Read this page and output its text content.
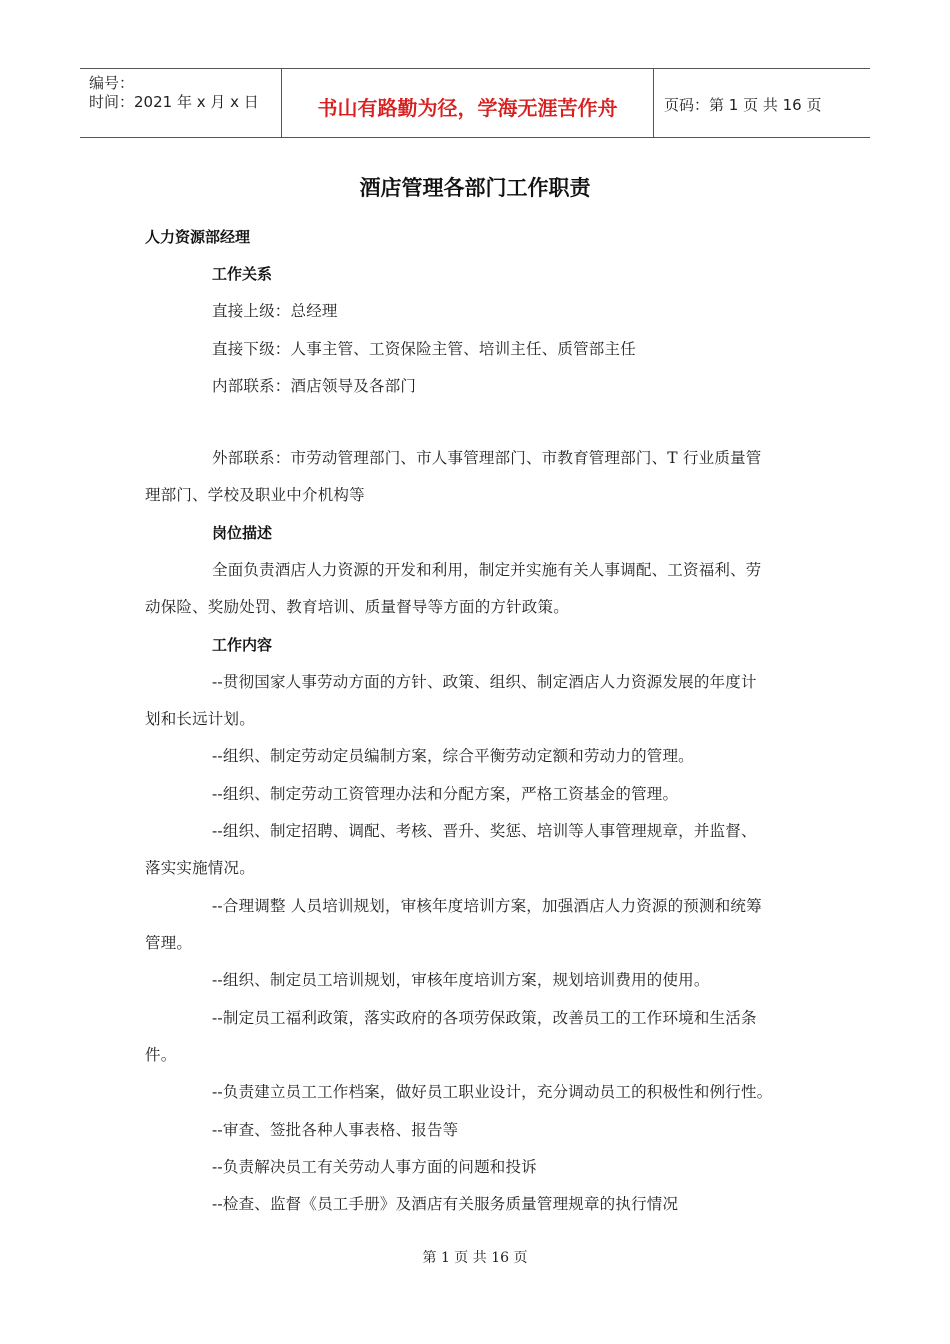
编号：
时间：2021 年 x 月 x 日	书山有路勤为径，学海无涯苦作舟	页码：第 1 页 共 16 页
酒店管理各部门工作职责
人力资源部经理
工作关系
直接上级：总经理
直接下级：人事主管、工资保险主管、培训主任、质管部主任
内部联系：酒店领导及各部门
外部联系：市劳动管理部门、市人事管理部门、市教育管理部门、T 行业质量管
理部门、学校及职业中介机构等
岗位描述
全面负责酒店人力资源的开发和利用，制定并实施有关人事调配、工资福利、劳
动保险、奖励处罚、教育培训、质量督导等方面的方针政策。
工作内容
--贯彻国家人事劳动方面的方针、政策、组织、制定酒店人力资源发展的年度计
划和长远计划。
--组织、制定劳动定员编制方案，综合平衡劳动定额和劳动力的管理。
--组织、制定劳动工资管理办法和分配方案，严格工资基金的管理。
--组织、制定招聘、调配、考核、晋升、奖惩、培训等人事管理规章，并监督、
落实实施情况。
--合理调整 人员培训规划，审核年度培训方案，加强酒店人力资源的预测和统筹
管理。
--组织、制定员工培训规划，审核年度培训方案，规划培训费用的使用。
--制定员工福利政策，落实政府的各项劳保政策，改善员工的工作环境和生活条
件。
--负责建立员工工作档案，做好员工职业设计，充分调动员工的积极性和例行性。
--审查、签批各种人事表格、报告等
--负责解决员工有关劳动人事方面的问题和投诉
--检查、监督《员工手册》及酒店有关服务质量管理规章的执行情况
第 1 页 共 16 页
